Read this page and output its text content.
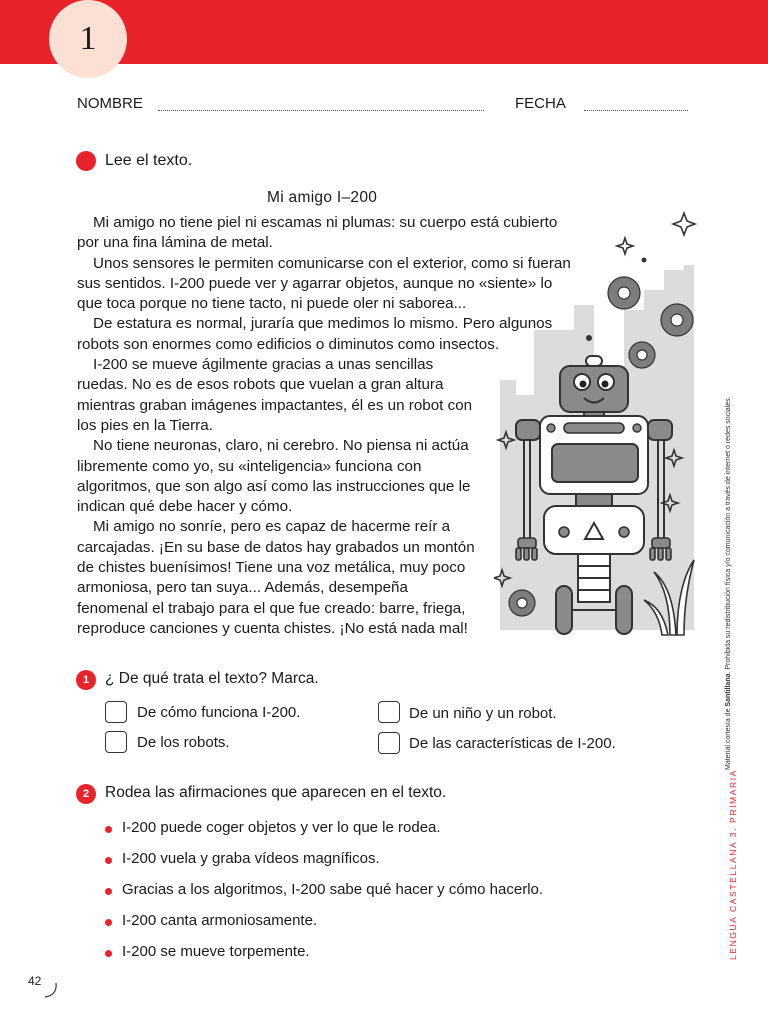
1
NOMBRE	FECHA
Lee el texto.
Mi amigo I–200
Mi amigo no tiene piel ni escamas ni plumas: su cuerpo está cubierto
por una fina lámina de metal.
Unos sensores le permiten comunicarse con el exterior, como si fueran
sus sentidos. I-200 puede ver y agarrar objetos, aunque no «siente» lo
que toca porque no tiene tacto, ni puede oler ni saborea...
De estatura es normal, juraría que medimos lo mismo. Pero algunos
robots son enormes como edificios o diminutos como insectos.
I-200 se mueve ágilmente gracias a unas sencillas
ruedas. No es de esos robots que vuelan a gran altura
mientras graban imágenes impactantes, él es un robot con
los pies en la Tierra.
No tiene neuronas, claro, ni cerebro. No piensa ni actúa
libremente como yo, su «inteligencia» funciona con
algoritmos, que son algo así como las instrucciones que le
indican qué debe hacer y cómo.
Mi amigo no sonríe, pero es capaz de hacerme reír a
carcajadas. ¡En su base de datos hay grabados un montón
de chistes buenísimos! Tiene una voz metálica, muy poco
armoniosa, pero tan suya... Además, desempeña
fenomenal el trabajo para el que fue creado: barre, friega,
reproduce canciones y cuenta chistes. ¡No está nada mal!
1 ¿ De qué trata el texto? Marca.
De cómo funciona I-200.	De un niño y un robot.
De los robots.	De las características de I-200.
2 Rodea las afirmaciones que aparecen en el texto.
I-200 puede coger objetos y ver lo que le rodea.
I-200 vuela y graba vídeos magníficos.
Gracias a los algoritmos, I-200 sabe qué hacer y cómo hacerlo.
I-200 canta armoniosamente.
I-200 se mueve torpemente.
Material cortesía de Santillana. Prohibida su redistribución física y/o comunicación a través de internet o redes sociales.
LENGUA CASTELLANA 3. PRIMARIA
42
